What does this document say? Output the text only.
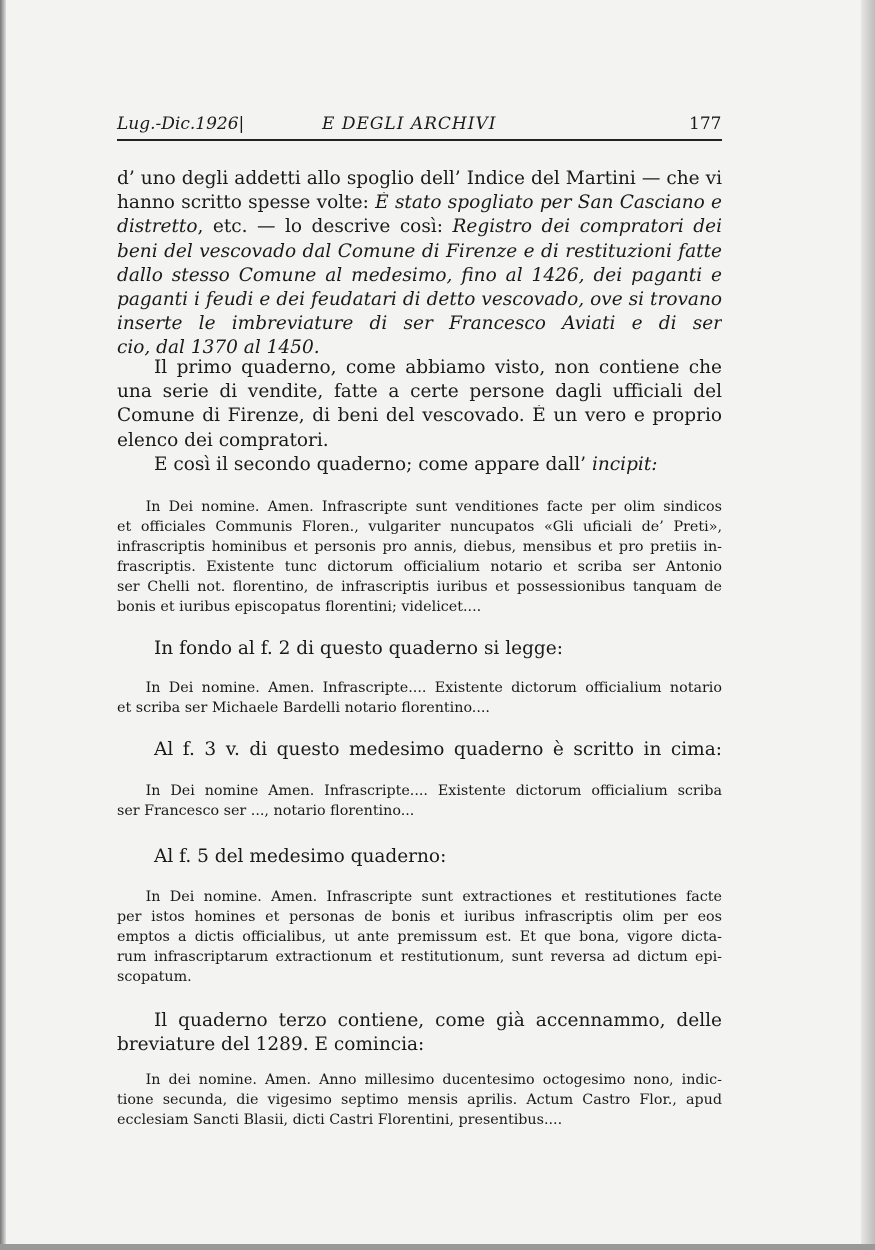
Lug.-Dic.1926|	E DEGLI ARCHIVI	177
d’ uno degli addetti allo spoglio dell’ Indice del Martini — che vi
hanno scritto spesse volte: È stato spogliato per San Casciano e
distretto, etc. — lo descrive così: Registro dei compratori dei
beni del vescovado dal Comune di Firenze e di restituzioni fatte
dallo stesso Comune al medesimo, fino al 1426, dei paganti e
paganti i feudi e dei feudatari di detto vescovado, ove si trovano
inserte le imbreviature di ser Francesco Aviati e di ser
cio, dal 1370 al 1450.
  Il primo quaderno, come abbiamo visto, non contiene che
una serie di vendite, fatte a certe persone dagli ufficiali del
Comune di Firenze, di beni del vescovado. È un vero e proprio
elenco dei compratori.
  E così il secondo quaderno; come appare dall’ incipit:
  In Dei nomine. Amen. Infrascripte sunt venditiones facte per olim sindicos
et officiales Communis Floren., vulgariter nuncupatos «Gli uficiali de’ Preti»,
infrascriptis hominibus et personis pro annis, diebus, mensibus et pro pretiis in-
frascriptis. Existente tunc dictorum officialium notario et scriba ser Antonio
ser Chelli not. florentino, de infrascriptis iuribus et possessionibus tanquam de
bonis et iuribus episcopatus florentini; videlicet....
  In fondo al f. 2 di questo quaderno si legge:
  In Dei nomine. Amen. Infrascripte.... Existente dictorum officialium notario
et scriba ser Michaele Bardelli notario florentino....
  Al f. 3 v. di questo medesimo quaderno è scritto in cima:
  In Dei nomine Amen. Infrascripte.... Existente dictorum officialium scriba
ser Francesco ser ..., notario florentino...
  Al f. 5 del medesimo quaderno:
  In Dei nomine. Amen. Infrascripte sunt extractiones et restitutiones facte
per istos homines et personas de bonis et iuribus infrascriptis olim per eos
emptos a dictis officialibus, ut ante premissum est. Et que bona, vigore dicta-
rum infrascriptarum extractionum et restitutionum, sunt reversa ad dictum epi-
scopatum.
  Il quaderno terzo contiene, come già accennammo, delle
breviature del 1289. E comincia:
  In dei nomine. Amen. Anno millesimo ducentesimo octogesimo nono, indic-
tione secunda, die vigesimo septimo mensis aprilis. Actum Castro Flor., apud
ecclesiam Sancti Blasii, dicti Castri Florentini, presentibus....
